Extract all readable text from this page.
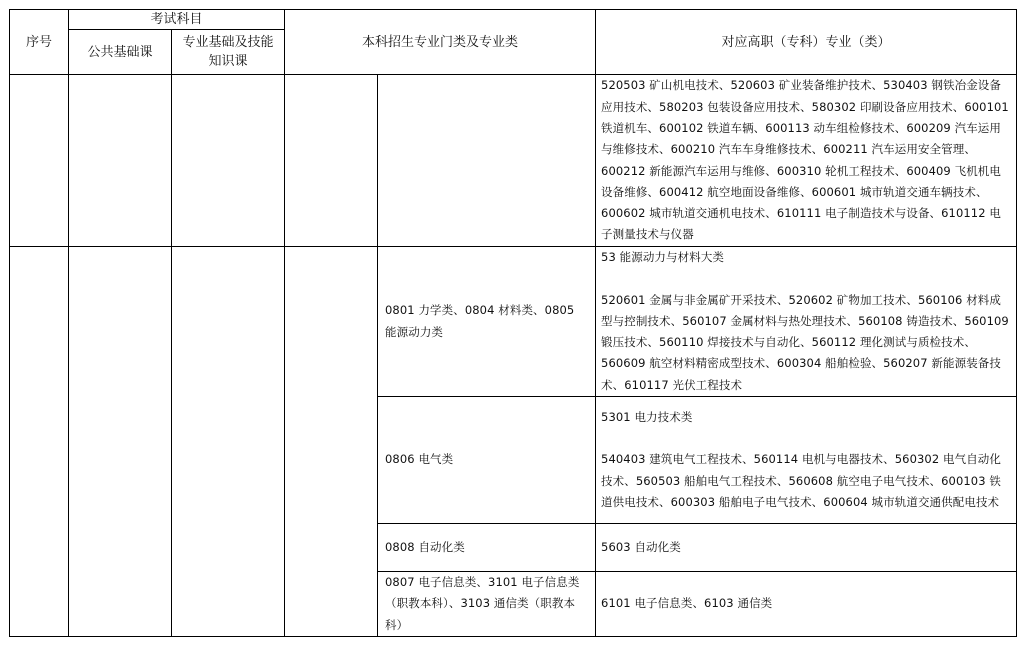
序号	考试科目		本科招生专业门类及专业类		对应高职（专科）专业（类）
	公共基础课	专业基础及技能知识课			
					520503 矿山机电技术、520603 矿业装备维护技术、530403 钢铁冶金设备应用技术、580203 包装设备应用技术、580302 印刷设备应用技术、600101 铁道机车、600102 铁道车辆、600113 动车组检修技术、600209 汽车运用与维修技术、600210 汽车车身维修技术、600211 汽车运用安全管理、600212 新能源汽车运用与维修、600310 轮机工程技术、600409 飞机机电设备维修、600412 航空地面设备维修、600601 城市轨道交通车辆技术、600602 城市轨道交通机电技术、610111 电子制造技术与设备、610112 电子测量技术与仪器
				0801 力学类、0804 材料类、0805 能源动力类	53 能源动力与材料大类

520601 金属与非金属矿开采技术、520602 矿物加工技术、560106 材料成型与控制技术、560107 金属材料与热处理技术、560108 铸造技术、560109 锻压技术、560110 焊接技术与自动化、560112 理化测试与质检技术、560609 航空材料精密成型技术、600304 船舶检验、560207 新能源装备技术、610117 光伏工程技术
				0806 电气类	5301 电力技术类

540403 建筑电气工程技术、560114 电机与电器技术、560302 电气自动化技术、560503 船舶电气工程技术、560608 航空电子电气技术、600103 铁道供电技术、600303 船舶电子电气技术、600604 城市轨道交通供配电技术
				0808 自动化类	5603 自动化类
				0807 电子信息类、3101 电子信息类（职教本科）、3103 通信类（职教本科）	6101 电子信息类、6103 通信类
